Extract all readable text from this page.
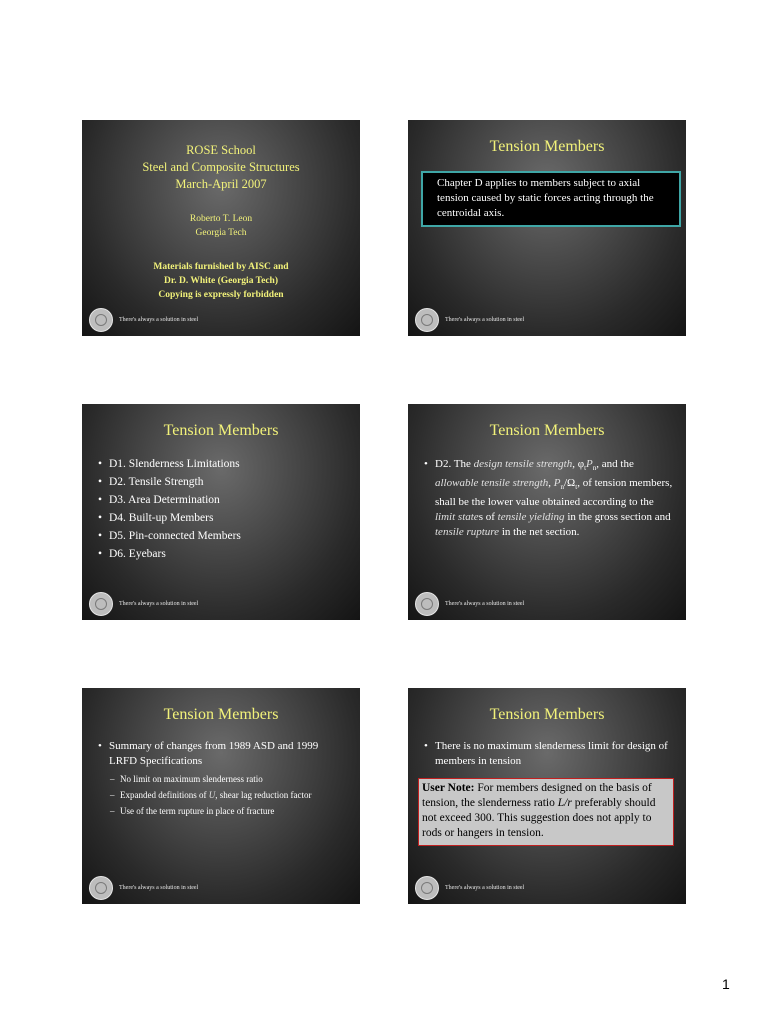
ROSE School
Steel and Composite Structures
March-April 2007
Roberto T. Leon
Georgia Tech
Materials furnished by AISC and
Dr. D. White (Georgia Tech)
Copying is expressly forbidden
There's always a solution in steel
Tension Members
Chapter D applies to members subject to axial tension caused by static forces acting through the centroidal axis.
There's always a solution in steel
Tension Members
• D1. Slenderness Limitations
• D2. Tensile Strength
• D3. Area Determination
• D4. Built-up Members
• D5. Pin-connected Members
• D6. Eyebars
There's always a solution in steel
Tension Members
• D2. The design tensile strength, $\varphi_tP_n$, and the allowable tensile strength, $P_n/\Omega_t$, of tension members, shall be the lower value obtained according to the limit states of tensile yielding in the gross section and tensile rupture in the net section.
There's always a solution in steel
Tension Members
• Summary of changes from 1989 ASD and 1999 LRFD Specifications
– No limit on maximum slenderness ratio
– Expanded definitions of U, shear lag reduction factor
– Use of the term rupture in place of fracture
There's always a solution in steel
Tension Members
• There is no maximum slenderness limit for design of members in tension
User Note: For members designed on the basis of tension, the slenderness ratio L/r preferably should not exceed 300. This suggestion does not apply to rods or hangers in tension.
There's always a solution in steel
1
